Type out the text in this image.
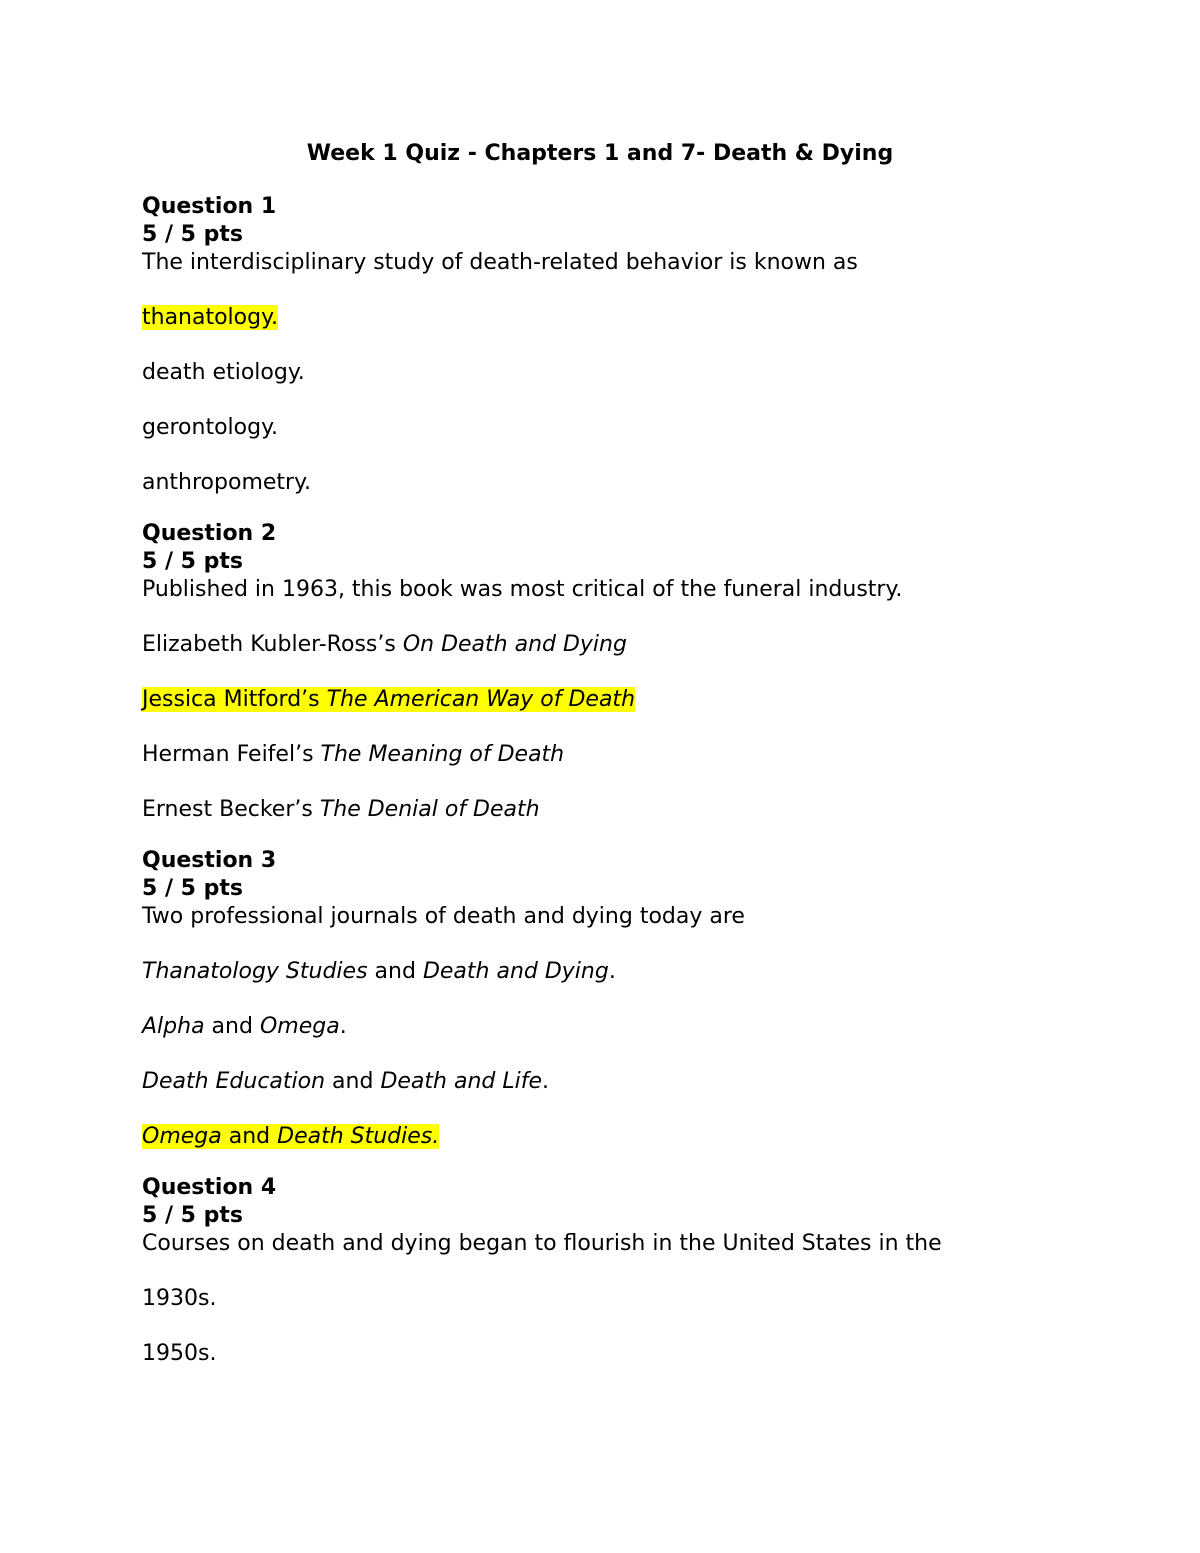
Week 1 Quiz - Chapters 1 and 7- Death & Dying
Question 1
5 / 5 pts
The interdisciplinary study of death-related behavior is known as
thanatology.
death etiology.
gerontology.
anthropometry.
Question 2
5 / 5 pts
Published in 1963, this book was most critical of the funeral industry.
Elizabeth Kubler-Ross’s On Death and Dying
Jessica Mitford’s The American Way of Death
Herman Feifel’s The Meaning of Death
Ernest Becker’s The Denial of Death
Question 3
5 / 5 pts
Two professional journals of death and dying today are
Thanatology Studies and Death and Dying.
Alpha and Omega.
Death Education and Death and Life.
Omega and Death Studies.
Question 4
5 / 5 pts
Courses on death and dying began to flourish in the United States in the
1930s.
1950s.
